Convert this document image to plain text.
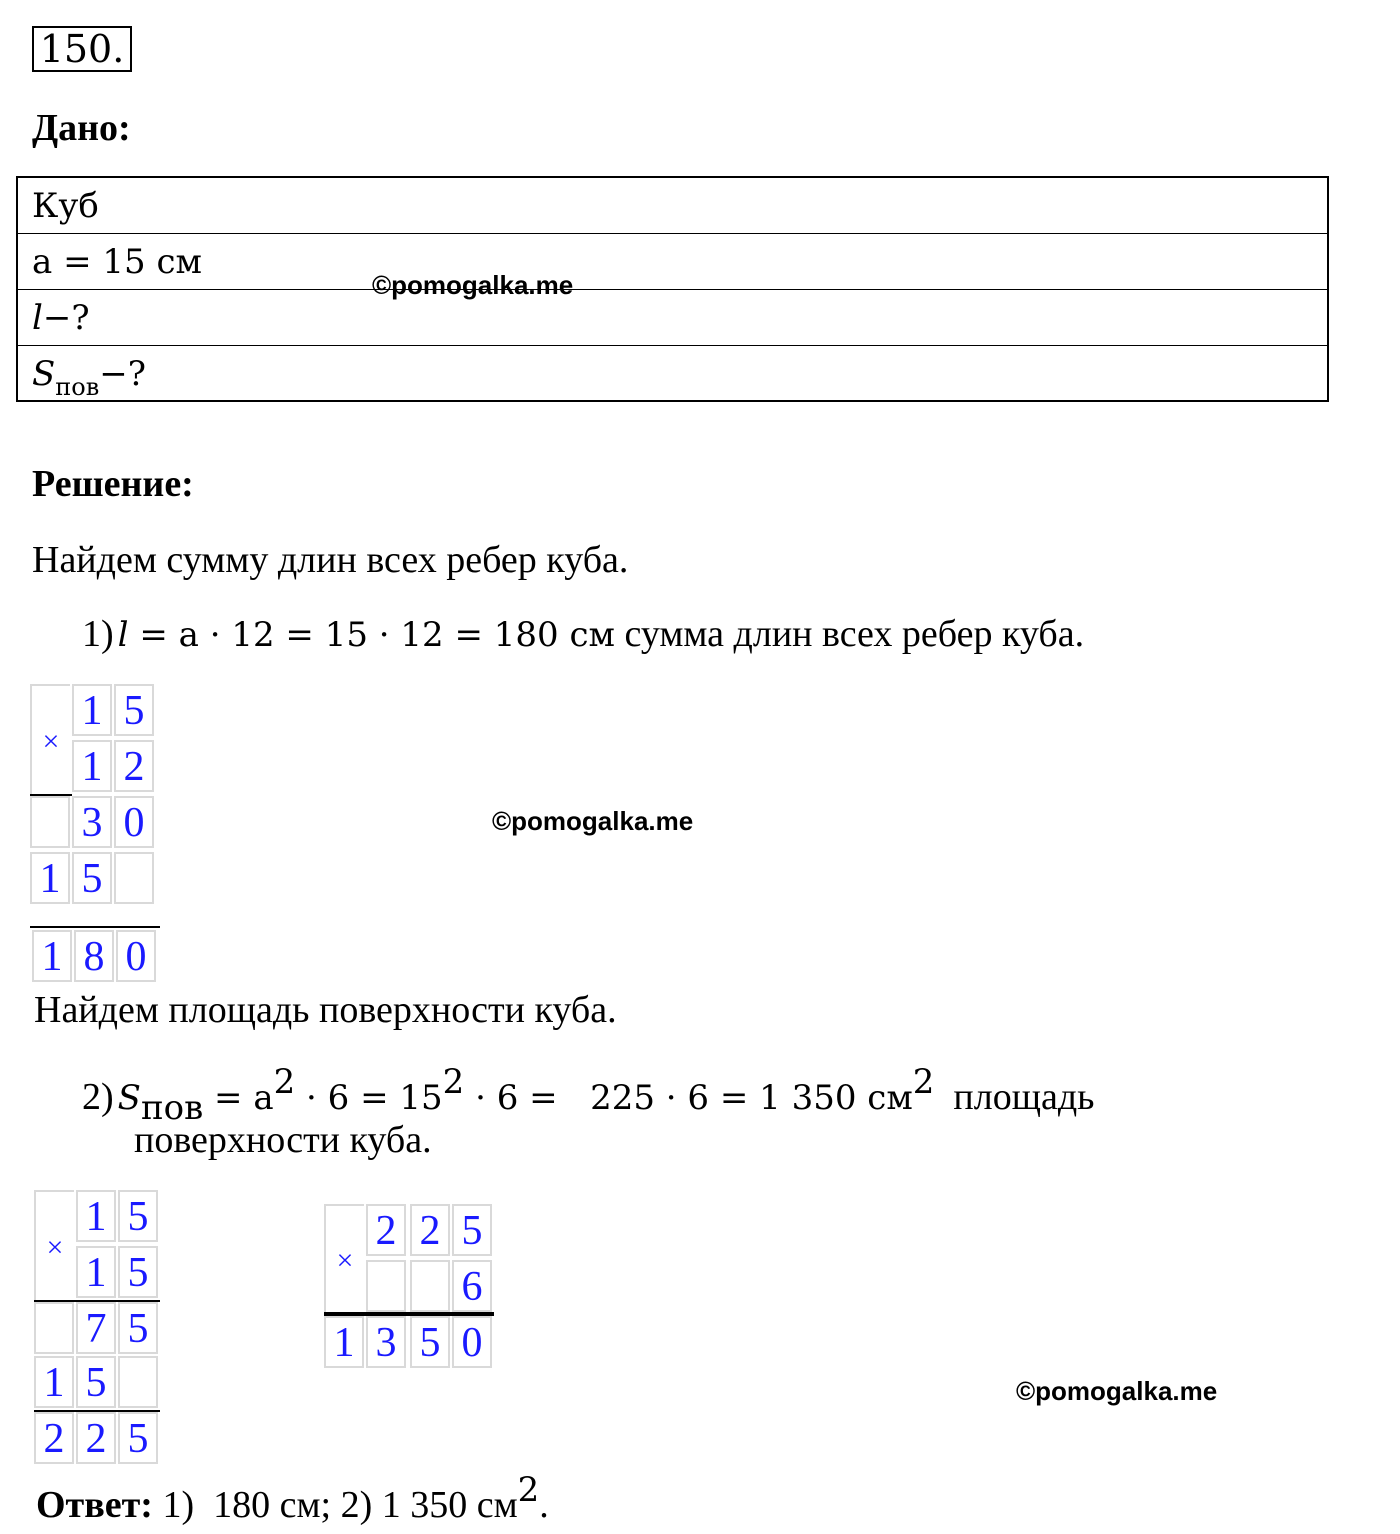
150.
Дано:
Куб
a = 15 см
l−?
$S_{пов}-$?
©pomogalka.me
Решение:
Найдем сумму длин всех ребер куба.
1) l = a · 12 = 15 · 12 = 180 см сумма длин всех ребер куба.
×
1 5
1 2
3 0
1 5
1 8 0
©pomogalka.me
Найдем площадь поверхности куба.
2) Sпов = a2 · 6 = 152 · 6 =   225 · 6 = 1 350 см2  площадь
поверхности куба.
×
1 5
1 5
7 5
1 5
2 2 5
×
2 2 5
6
1 3 5 0
©pomogalka.me
Ответ: 1)  180 см; 2) 1 350 см2.
